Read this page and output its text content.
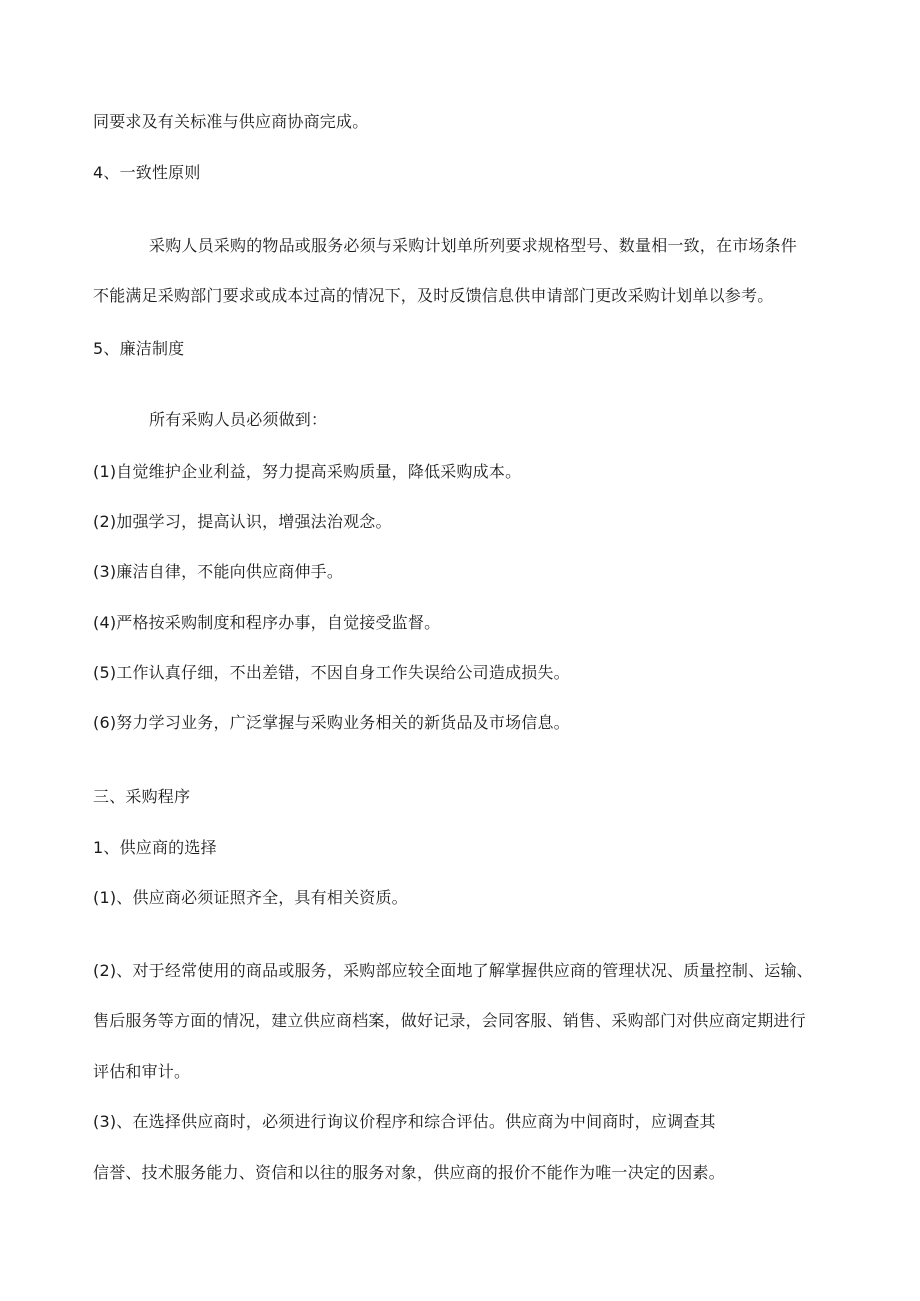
同要求及有关标准与供应商协商完成。
4、一致性原则
采购人员采购的物品或服务必须与采购计划单所列要求规格型号、数量相一致，在市场条件
不能满足采购部门要求或成本过高的情况下，及时反馈信息供申请部门更改采购计划单以参考。
5、廉洁制度
所有采购人员必须做到：
(1)自觉维护企业利益，努力提高采购质量，降低采购成本。
(2)加强学习，提高认识，增强法治观念。
(3)廉洁自律，不能向供应商伸手。
(4)严格按采购制度和程序办事，自觉接受监督。
(5)工作认真仔细，不出差错，不因自身工作失误给公司造成损失。
(6)努力学习业务，广泛掌握与采购业务相关的新货品及市场信息。
三、采购程序
1、供应商的选择
(1)、供应商必须证照齐全，具有相关资质。
(2)、对于经常使用的商品或服务，采购部应较全面地了解掌握供应商的管理状况、质量控制、运输、
售后服务等方面的情况，建立供应商档案，做好记录，会同客服、销售、采购部门对供应商定期进行
评估和审计。
(3)、在选择供应商时，必须进行询议价程序和综合评估。供应商为中间商时，应调查其
信誉、技术服务能力、资信和以往的服务对象，供应商的报价不能作为唯一决定的因素。
